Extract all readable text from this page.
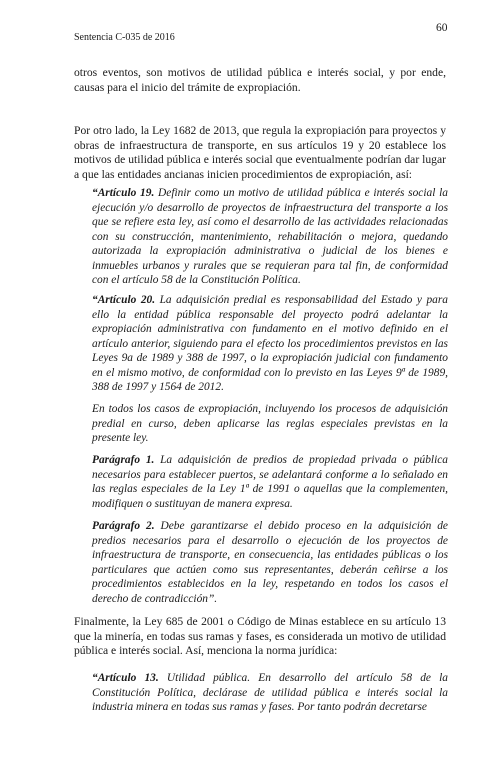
Sentencia C-035 de 2016
60

otros eventos, son motivos de utilidad pública e interés social, y por ende, causas para el inicio del trámite de expropiación.

Por otro lado, la Ley 1682 de 2013, que regula la expropiación para proyectos y obras de infraestructura de transporte, en sus artículos 19 y 20 establece los motivos de utilidad pública e interés social que eventualmente podrían dar lugar a que las entidades ancianas inicien procedimientos de expropiación, así:

“Artículo 19. Definir como un motivo de utilidad pública e interés social la ejecución y/o desarrollo de proyectos de infraestructura del transporte a los que se refiere esta ley, así como el desarrollo de las actividades relacionadas con su construcción, mantenimiento, rehabilitación o mejora, quedando autorizada la expropiación administrativa o judicial de los bienes e inmuebles urbanos y rurales que se requieran para tal fin, de conformidad con el artículo 58 de la Constitución Política.

“Artículo 20. La adquisición predial es responsabilidad del Estado y para ello la entidad pública responsable del proyecto podrá adelantar la expropiación administrativa con fundamento en el motivo definido en el artículo anterior, siguiendo para el efecto los procedimientos previstos en las Leyes 9a de 1989 y 388 de 1997, o la expropiación judicial con fundamento en el mismo motivo, de conformidad con lo previsto en las Leyes 9ª de 1989, 388 de 1997 y 1564 de 2012.

En todos los casos de expropiación, incluyendo los procesos de adquisición predial en curso, deben aplicarse las reglas especiales previstas en la presente ley.

Parágrafo 1. La adquisición de predios de propiedad privada o pública necesarios para establecer puertos, se adelantará conforme a lo señalado en las reglas especiales de la Ley 1ª de 1991 o aquellas que la complementen, modifiquen o sustituyan de manera expresa.

Parágrafo 2. Debe garantizarse el debido proceso en la adquisición de predios necesarios para el desarrollo o ejecución de los proyectos de infraestructura de transporte, en consecuencia, las entidades públicas o los particulares que actúen como sus representantes, deberán ceñirse a los procedimientos establecidos en la ley, respetando en todos los casos el derecho de contradicción”.

Finalmente, la Ley 685 de 2001 o Código de Minas establece en su artículo 13 que la minería, en todas sus ramas y fases, es considerada un motivo de utilidad pública e interés social. Así, menciona la norma jurídica:

“Artículo 13. Utilidad pública. En desarrollo del artículo 58 de la Constitución Política, declárase de utilidad pública e interés social la industria minera en todas sus ramas y fases. Por tanto podrán decretarse
